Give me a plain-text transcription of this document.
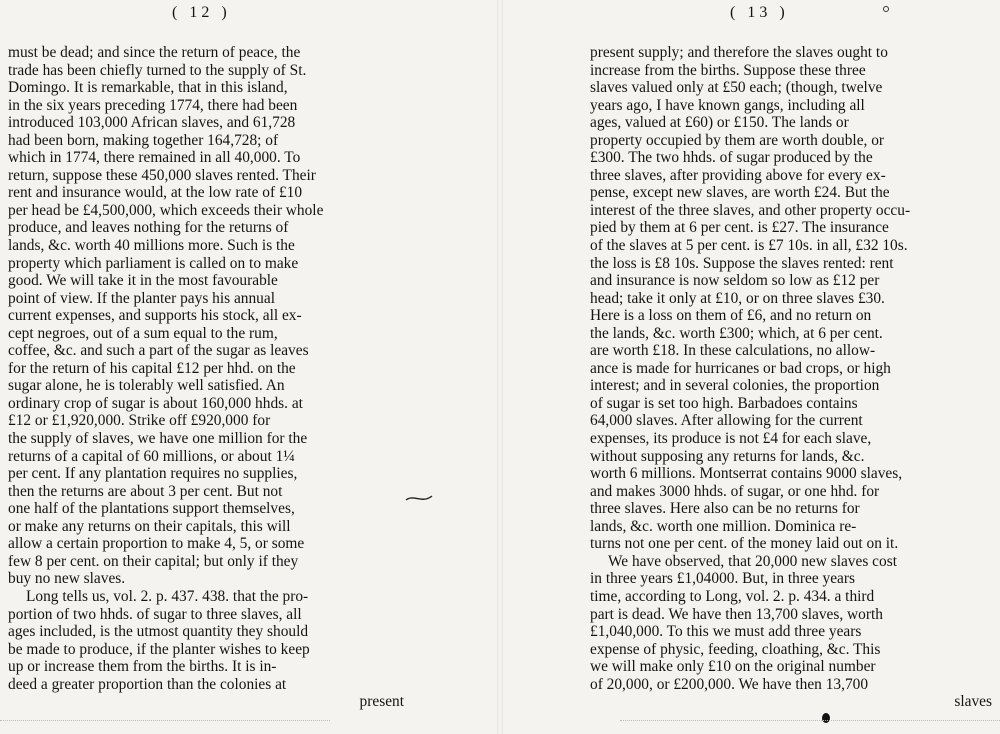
( 12 )
must be dead; and since the return of peace, the
trade has been chiefly turned to the supply of St.
Domingo. It is remarkable, that in this island,
in the six years preceding 1774, there had been
introduced 103,000 African slaves, and 61,728
had been born, making together 164,728; of
which in 1774, there remained in all 40,000. To
return, suppose these 450,000 slaves rented. Their
rent and insurance would, at the low rate of £10
per head be £4,500,000, which exceeds their whole
produce, and leaves nothing for the returns of
lands, &c. worth 40 millions more. Such is the
property which parliament is called on to make
good. We will take it in the most favourable
point of view. If the planter pays his annual
current expenses, and supports his stock, all ex-
cept negroes, out of a sum equal to the rum,
coffee, &c. and such a part of the sugar as leaves
for the return of his capital £12 per hhd. on the
sugar alone, he is tolerably well satisfied. An
ordinary crop of sugar is about 160,000 hhds. at
£12 or £1,920,000. Strike off £920,000 for
the supply of slaves, we have one million for the
returns of a capital of 60 millions, or about 1¼
per cent. If any plantation requires no supplies,
then the returns are about 3 per cent. But not
one half of the plantations support themselves,
or make any returns on their capitals, this will
allow a certain proportion to make 4, 5, or some
few 8 per cent. on their capital; but only if they
buy no new slaves.
Long tells us, vol. 2. p. 437. 438. that the pro-
portion of two hhds. of sugar to three slaves, all
ages included, is the utmost quantity they should
be made to produce, if the planter wishes to keep
up or increase them from the births. It is in-
deed a greater proportion than the colonies at
present
( 13 )
present supply; and therefore the slaves ought to
increase from the births. Suppose these three
slaves valued only at £50 each; (though, twelve
years ago, I have known gangs, including all
ages, valued at £60) or £150. The lands or
property occupied by them are worth double, or
£300. The two hhds. of sugar produced by the
three slaves, after providing above for every ex-
pense, except new slaves, are worth £24. But the
interest of the three slaves, and other property occu-
pied by them at 6 per cent. is £27. The insurance
of the slaves at 5 per cent. is £7 10s. in all, £32 10s.
the loss is £8 10s. Suppose the slaves rented: rent
and insurance is now seldom so low as £12 per
head; take it only at £10, or on three slaves £30.
Here is a loss on them of £6, and no return on
the lands, &c. worth £300; which, at 6 per cent.
are worth £18. In these calculations, no allow-
ance is made for hurricanes or bad crops, or high
interest; and in several colonies, the proportion
of sugar is set too high. Barbadoes contains
64,000 slaves. After allowing for the current
expenses, its produce is not £4 for each slave,
without supposing any returns for lands, &c.
worth 6 millions. Montserrat contains 9000 slaves,
and makes 3000 hhds. of sugar, or one hhd. for
three slaves. Here also can be no returns for
lands, &c. worth one million. Dominica re-
turns not one per cent. of the money laid out on it.
We have observed, that 20,000 new slaves cost
in three years £1,04000. But, in three years
time, according to Long, vol. 2. p. 434. a third
part is dead. We have then 13,700 slaves, worth
£1,040,000. To this we must add three years
expense of physic, feeding, cloathing, &c. This
we will make only £10 on the original number
of 20,000, or £200,000. We have then 13,700
slaves
